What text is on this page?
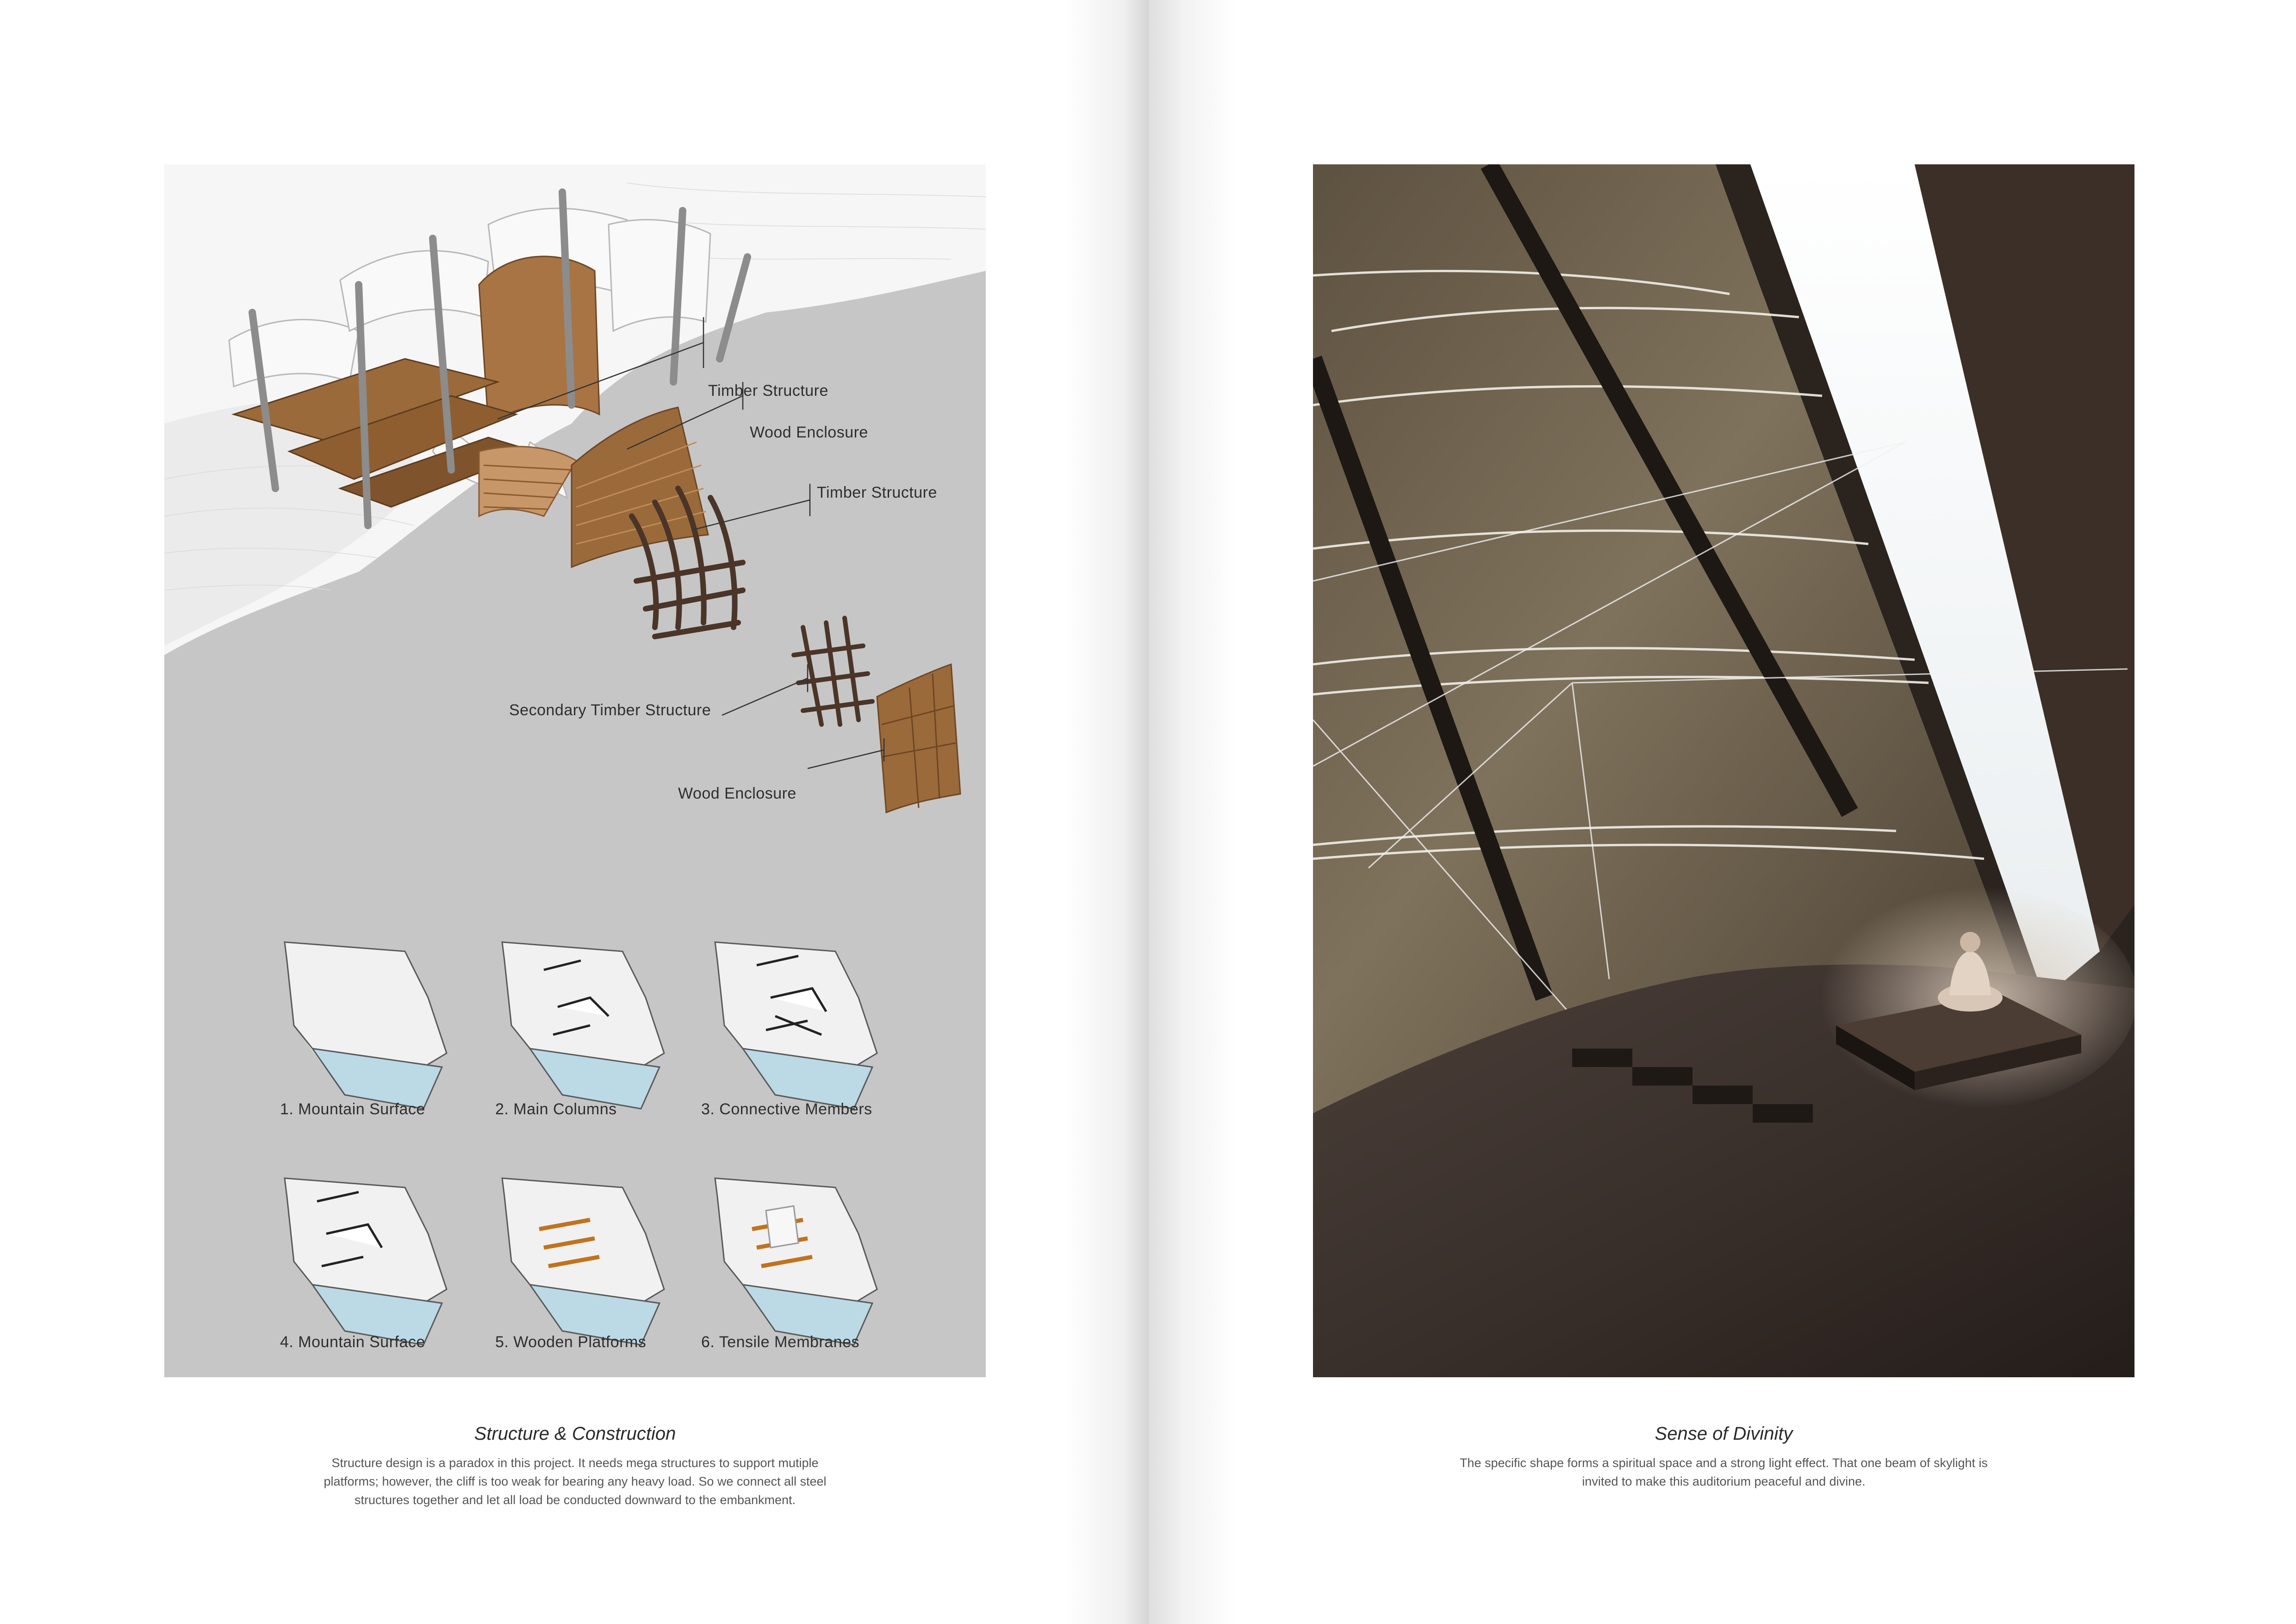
Timber Structure
Wood Enclosure
Timber Structure
Secondary Timber Structure
Wood Enclosure
1. Mountain Surface	2. Main Columns	3. Connective Members
4. Mountain Surface	5. Wooden Platforms	6. Tensile Membranes
Structure & Construction
Structure design is a paradox in this project. It needs mega structures to support mutiple
platforms; however, the cliff is too weak for bearing any heavy load. So we connect all steel
structures together and let all load be conducted downward to the embankment.
Sense of Divinity
The specific shape forms a spiritual space and a strong light effect. That one beam of skylight is
invited to make this auditorium peaceful and divine.
